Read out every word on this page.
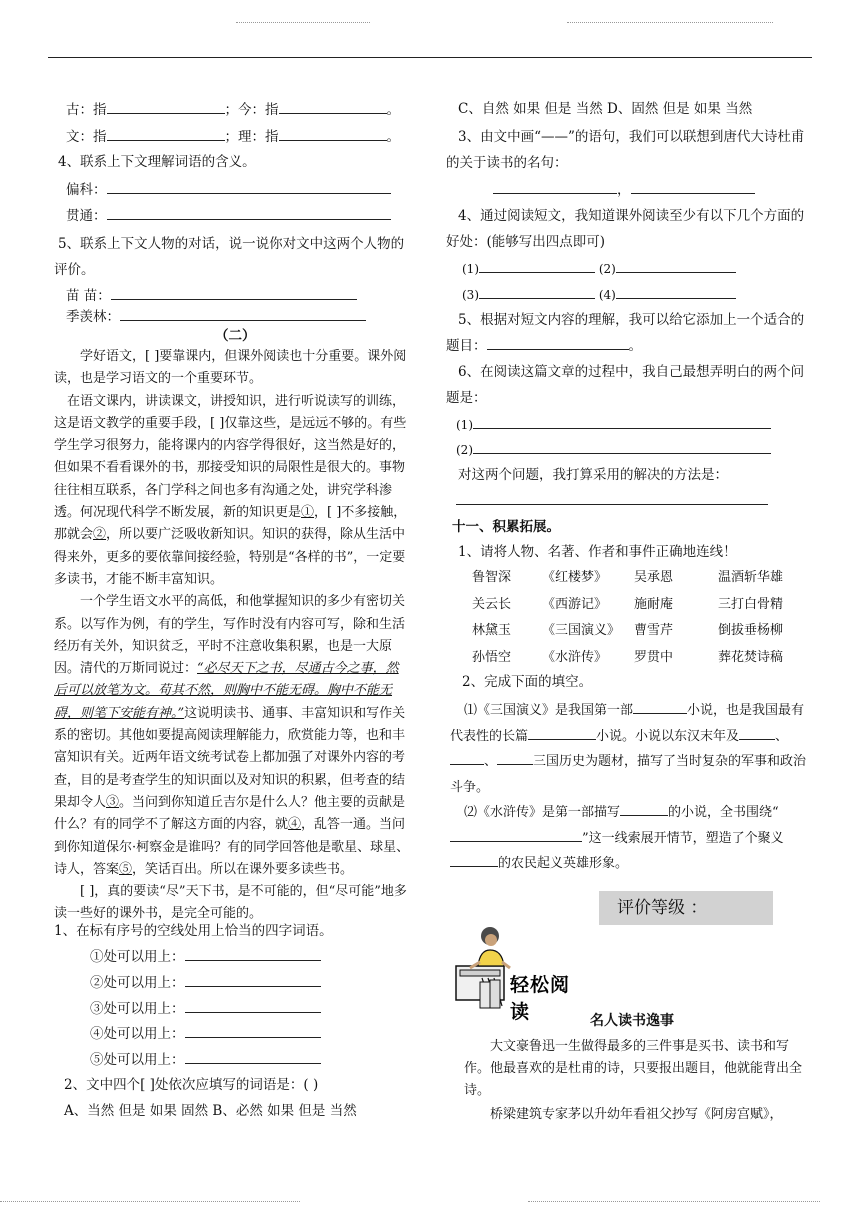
古：指	；今：指	。
文：指	；理：指	。
4、联系上下文理解词语的含义。
偏科：
贯通：
5、联系上下文人物的对话，说一说你对文中这两个人物的评价。
苗 苗：
季羡林：
（二）
学好语文，[ ]要靠课内，但课外阅读也十分重要。课外阅读，也是学习语文的一个重要环节。
在语文课内，讲读课文，讲授知识，进行听说读写的训练，这是语文教学的重要手段，[ ]仅靠这些，是远远不够的。有些学生学习很努力，能将课内的内容学得很好，这当然是好的，但如果不看看课外的书，那接受知识的局限性是很大的。事物往往相互联系，各门学科之间也多有沟通之处，讲究学科渗透。何况现代科学不断发展，新的知识更是①，[ ]不多接触，那就会②，所以要广泛吸收新知识。知识的获得，除从生活中得来外，更多的要依靠间接经验，特别是“各样的书”，一定要多读书，才能不断丰富知识。
一个学生语文水平的高低，和他掌握知识的多少有密切关系。以写作为例，有的学生，写作时没有内容可写，除和生活经历有关外，知识贫乏，平时不注意收集积累，也是一大原因。清代的万斯同说过：“必尽天下之书，尽通古今之事，然后可以放笔为文。苟其不然，则胸中不能无碍。胸中不能无碍，则笔下安能有神。”这说明读书、通事、丰富知识和写作关系的密切。其他如要提高阅读理解能力，欣赏能力等，也和丰富知识有关。近两年语文统考试卷上都加强了对课外内容的考查，目的是考查学生的知识面以及对知识的积累，但考查的结果却令人③。当问到你知道丘吉尔是什么人？他主要的贡献是什么？有的同学不了解这方面的内容，就④，乱答一通。当问到你知道保尔·柯察金是谁吗？有的同学回答他是歌星、球星、诗人，答案⑤，笑话百出。所以在课外要多读些书。
[ ]，真的要读“尽”天下书，是不可能的，但“尽可能”地多读一些好的课外书，是完全可能的。
1、在标有序号的空线处用上恰当的四字词语。
①处可以用上：
②处可以用上：
③处可以用上：
④处可以用上：
⑤处可以用上：
2、文中四个[ ]处依次应填写的词语是：( )
A、当然 但是 如果 固然 B、必然 如果 但是 当然
C、自然 如果 但是 当然 D、固然 但是 如果 当然
3、由文中画“——”的语句，我们可以联想到唐代大诗杜甫的关于读书的名句：
，
4、通过阅读短文，我知道课外阅读至少有以下几个方面的好处：(能够写出四点即可)
(1)	(2)
(3)	(4)
5、根据对短文内容的理解，我可以给它添加上一个适合的题目：	。
6、在阅读这篇文章的过程中，我自己最想弄明白的两个问题是：
(1)
(2)
对这两个问题，我打算采用的解决的方法是：
十一、积累拓展。
1、请将人物、名著、作者和事件正确地连线！
鲁智深	《红楼梦》	吴承恩	温酒斩华雄
关云长	《西游记》	施耐庵	三打白骨精
林黛玉	《三国演义》	曹雪芹	倒拔垂杨柳
孙悟空	《水浒传》	罗贯中	葬花焚诗稿
2、完成下面的填空。
⑴《三国演义》是我国第一部	小说，也是我国最有代表性的长篇	小说。小说以东汉末年及	、、	三国历史为题材，描写了当时复杂的军事和政治斗争。
⑵《水浒传》是第一部描写	的小说，全书围绕“”这一线索展开情节，塑造了个聚义的农民起义英雄形象。
评价等级 ：
轻松阅读	名人读书逸事
大文豪鲁迅一生做得最多的三件事是买书、读书和写作。他最喜欢的是杜甫的诗，只要报出题目，他就能背出全诗。
桥梁建筑专家茅以升幼年看祖父抄写《阿房宫赋》，
